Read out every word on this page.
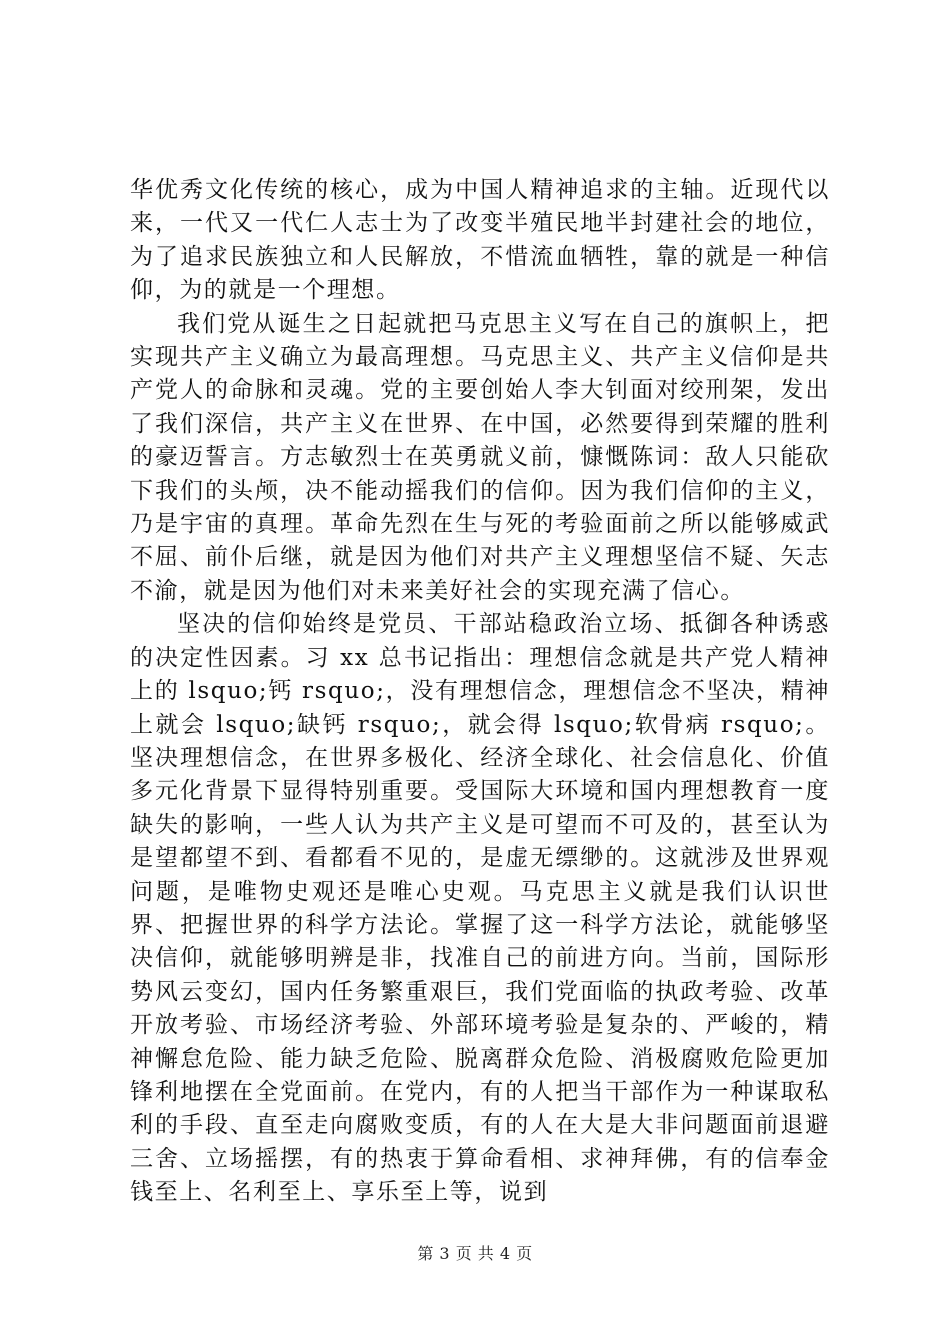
华优秀文化传统的核心，成为中国人精神追求的主轴。近现代以来，一代又一代仁人志士为了改变半殖民地半封建社会的地位，为了追求民族独立和人民解放，不惜流血牺牲，靠的就是一种信仰，为的就是一个理想。

我们党从诞生之日起就把马克思主义写在自己的旗帜上，把实现共产主义确立为最高理想。马克思主义、共产主义信仰是共产党人的命脉和灵魂。党的主要创始人李大钊面对绞刑架，发出了我们深信，共产主义在世界、在中国，必然要得到荣耀的胜利的豪迈誓言。方志敏烈士在英勇就义前，慷慨陈词：敌人只能砍下我们的头颅，决不能动摇我们的信仰。因为我们信仰的主义，乃是宇宙的真理。革命先烈在生与死的考验面前之所以能够威武不屈、前仆后继，就是因为他们对共产主义理想坚信不疑、矢志不渝，就是因为他们对未来美好社会的实现充满了信心。

坚决的信仰始终是党员、干部站稳政治立场、抵御各种诱惑的决定性因素。习 xx 总书记指出：理想信念就是共产党人精神上的 lsquo;钙 rsquo;，没有理想信念，理想信念不坚决，精神上就会 lsquo;缺钙 rsquo;，就会得 lsquo;软骨病 rsquo;。坚决理想信念，在世界多极化、经济全球化、社会信息化、价值多元化背景下显得特别重要。受国际大环境和国内理想教育一度缺失的影响，一些人认为共产主义是可望而不可及的，甚至认为是望都望不到、看都看不见的，是虚无缥缈的。这就涉及世界观问题，是唯物史观还是唯心史观。马克思主义就是我们认识世界、把握世界的科学方法论。掌握了这一科学方法论，就能够坚决信仰，就能够明辨是非，找准自己的前进方向。当前，国际形势风云变幻，国内任务繁重艰巨，我们党面临的执政考验、改革开放考验、市场经济考验、外部环境考验是复杂的、严峻的，精神懈怠危险、能力缺乏危险、脱离群众危险、消极腐败危险更加锋利地摆在全党面前。在党内，有的人把当干部作为一种谋取私利的手段、直至走向腐败变质，有的人在大是大非问题面前退避三舍、立场摇摆，有的热衷于算命看相、求神拜佛，有的信奉金钱至上、名利至上、享乐至上等，说到

第 3 页 共 4 页
